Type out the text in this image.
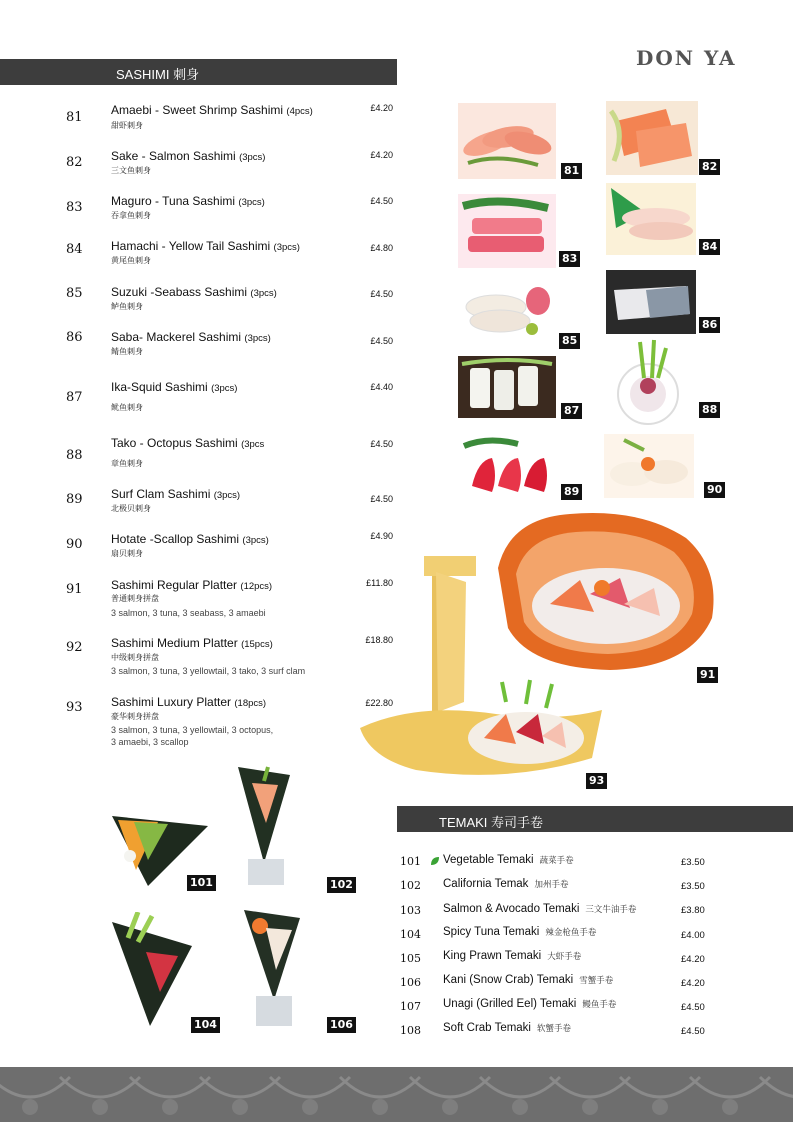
DON YA
SASHIMI 刺身
81 Amaebi - Sweet Shrimp Sashimi (4pcs)
甜虾刺身
£4.20
82 Sake - Salmon Sashimi (3pcs)
三文鱼刺身
£4.20
83 Maguro - Tuna Sashimi (3pcs)
吞拿鱼刺身
£4.50
84 Hamachi - Yellow Tail Sashimi (3pcs)
黄尾鱼刺身
£4.80
85 Suzuki -Seabass Sashimi (3pcs)
鲈鱼刺身
£4.50
86 Saba- Mackerel Sashimi (3pcs)
鲭鱼刺身
£4.50
87
Ika-Squid Sashimi (3pcs)
鱿鱼刺身
£4.40
88
Tako - Octopus Sashimi (3pcs
章鱼刺身
£4.50
89 Surf Clam Sashimi (3pcs)
北极贝刺身
£4.50
90 Hotate -Scallop Sashimi (3pcs)
扇贝刺身
£4.90
91 Sashimi Regular Platter (12pcs)
普通刺身拼盘
3 salmon, 3 tuna, 3 seabass, 3 amaebi
£11.80
92 Sashimi Medium Platter (15pcs)
中级刺身拼盘
3 salmon, 3 tuna, 3 yellowtail, 3 tako, 3 surf clam
£18.80
93 Sashimi Luxury Platter (18pcs)
豪华刺身拼盘
3 salmon, 3 tuna, 3 yellowtail, 3 octopus,
3 amaebi, 3 scallop
£22.80
81	82
83
84
85
86
87	88
89	90
91
93
101	102
104	106
TEMAKI 寿司手卷
101 Vegetable Temaki 蔬菜手卷	£3.50
102 California Temak 加州手卷	£3.50
103 Salmon & Avocado Temaki 三文牛油手卷	£3.80
104 Spicy Tuna Temaki 辣金枪鱼手卷	£4.00
105 King Prawn Temaki 大虾手卷	£4.20
106 Kani (Snow Crab) Temaki 雪蟹手卷	£4.20
107 Unagi (Grilled Eel) Temaki 鳗鱼手卷	£4.50
108 Soft Crab Temaki 软蟹手卷	£4.50
